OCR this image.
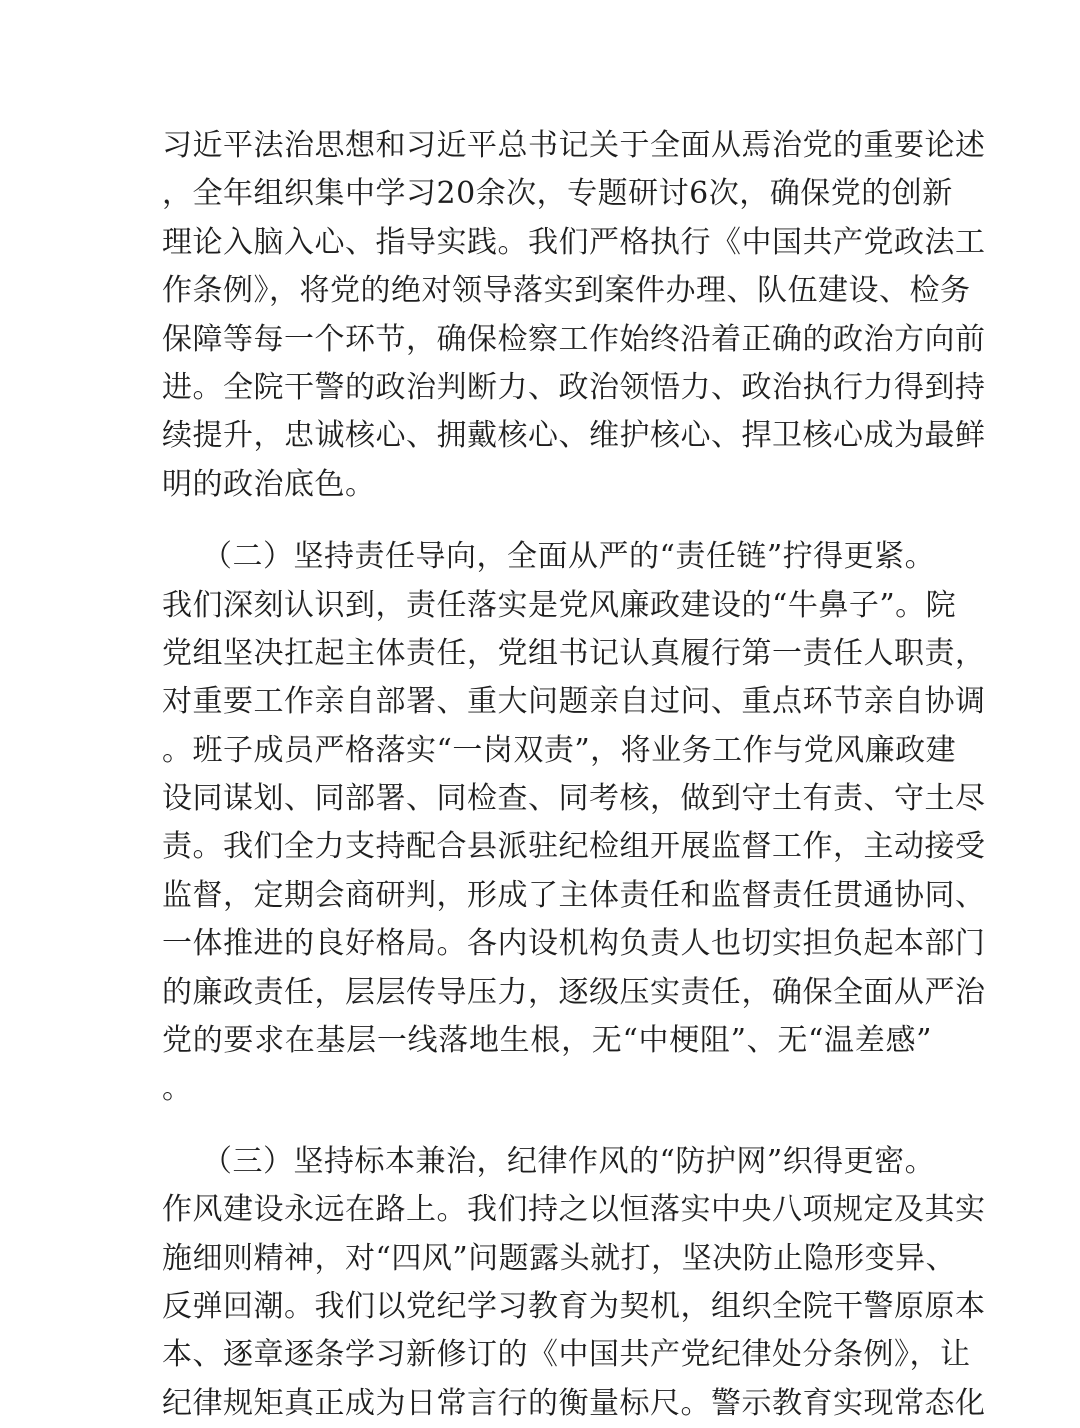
习近平法治思想和习近平总书记关于全面从焉治党的重要论述
，全年组织集中学习20余次，专题研讨6次，确保党的创新
理论入脑入心、指导实践。我们严格执行《中国共产党政法工
作条例》，将党的绝对领导落实到案件办理、队伍建设、检务
保障等每一个环节，确保检察工作始终沿着正确的政治方向前
进。全院干警的政治判断力、政治领悟力、政治执行力得到持
续提升，忠诚核心、拥戴核心、维护核心、捍卫核心成为最鲜
明的政治底色。
（二）坚持责任导向，全面从严的“责任链”拧得更紧。
我们深刻认识到，责任落实是党风廉政建设的“牛鼻子”。院
党组坚决扛起主体责任，党组书记认真履行第一责任人职责，
对重要工作亲自部署、重大问题亲自过问、重点环节亲自协调
。班子成员严格落实“一岗双责”，将业务工作与党风廉政建
设同谋划、同部署、同检查、同考核，做到守土有责、守土尽
责。我们全力支持配合县派驻纪检组开展监督工作，主动接受
监督，定期会商研判，形成了主体责任和监督责任贯通协同、
一体推进的良好格局。各内设机构负责人也切实担负起本部门
的廉政责任，层层传导压力，逐级压实责任，确保全面从严治
党的要求在基层一线落地生根，无“中梗阻”、无“温差感”
。
（三）坚持标本兼治，纪律作风的“防护网”织得更密。
作风建设永远在路上。我们持之以恒落实中央八项规定及其实
施细则精神，对“四风”问题露头就打，坚决防止隐形变异、
反弹回潮。我们以党纪学习教育为契机，组织全院干警原原本
本、逐章逐条学习新修订的《中国共产党纪律处分条例》，让
纪律规矩真正成为日常言行的衡量标尺。警示教育实现常态化
